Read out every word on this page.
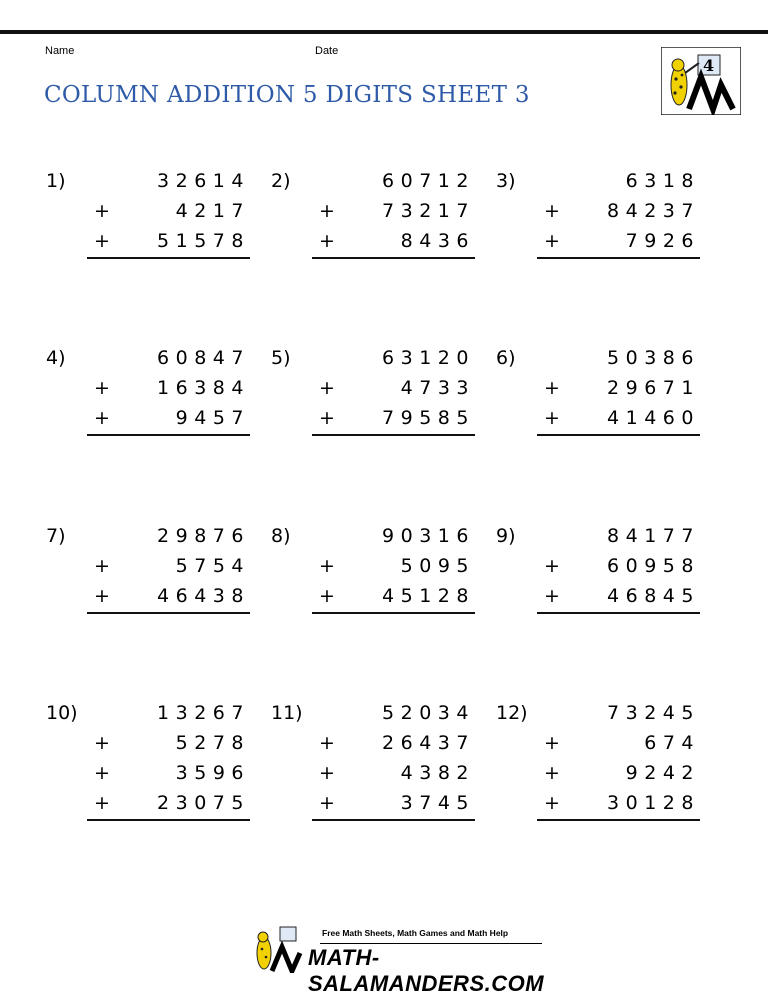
Name	Date
COLUMN ADDITION 5 DIGITS SHEET 3
4
1)	32614
+	4217
+ 51578
2)	60712
+ 73217
+	8436
3)	6318
+ 84237
+	7926
4)	60847
+ 16384
+	9457
5)	63120
+	4733
+ 79585
6)	50386
+ 29671
+ 41460
7)	29876
+	5754
+ 46438
8)	90316
+	5095
+ 45128
9)	84177
+ 60958
+ 46845
10)	13267
+	5278
+	3596
+ 23075
11)	52034
+ 26437
+	4382
+	3745
12)	73245
+	674
+	9242
+ 30128
Free Math Sheets, Math Games and Math Help
MATH-SALAMANDERS.COM
